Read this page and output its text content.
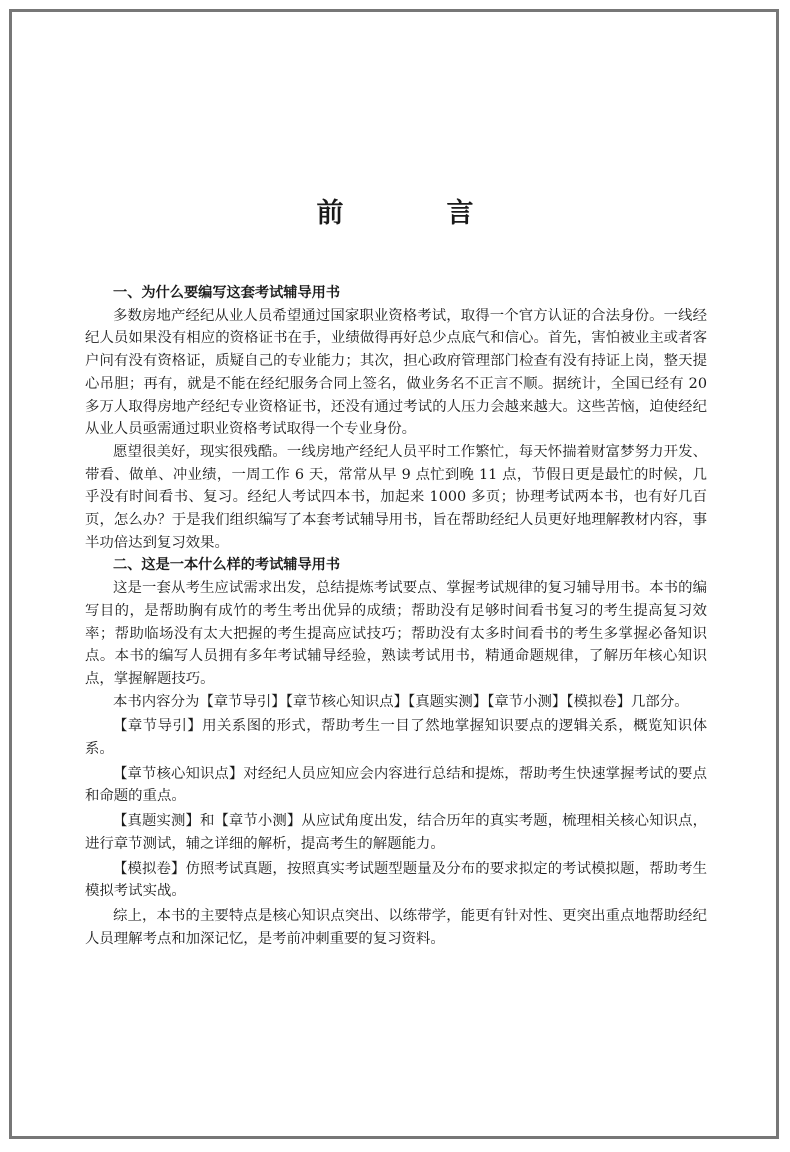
前　言

一、为什么要编写这套考试辅导用书

多数房地产经纪从业人员希望通过国家职业资格考试，取得一个官方认证的合法身份。一线经纪人员如果没有相应的资格证书在手，业绩做得再好总少点底气和信心。首先，害怕被业主或者客户问有没有资格证，质疑自己的专业能力；其次，担心政府管理部门检查有没有持证上岗，整天提心吊胆；再有，就是不能在经纪服务合同上签名，做业务名不正言不顺。据统计，全国已经有 20 多万人取得房地产经纪专业资格证书，还没有通过考试的人压力会越来越大。这些苦恼，迫使经纪从业人员亟需通过职业资格考试取得一个专业身份。

愿望很美好，现实很残酷。一线房地产经纪人员平时工作繁忙，每天怀揣着财富梦努力开发、带看、做单、冲业绩，一周工作 6 天，常常从早 9 点忙到晚 11 点，节假日更是最忙的时候，几乎没有时间看书、复习。经纪人考试四本书，加起来 1000 多页；协理考试两本书，也有好几百页，怎么办？于是我们组织编写了本套考试辅导用书，旨在帮助经纪人员更好地理解教材内容，事半功倍达到复习效果。

二、这是一本什么样的考试辅导用书

这是一套从考生应试需求出发，总结提炼考试要点、掌握考试规律的复习辅导用书。本书的编写目的，是帮助胸有成竹的考生考出优异的成绩；帮助没有足够时间看书复习的考生提高复习效率；帮助临场没有太大把握的考生提高应试技巧；帮助没有太多时间看书的考生多掌握必备知识点。本书的编写人员拥有多年考试辅导经验，熟读考试用书，精通命题规律，了解历年核心知识点，掌握解题技巧。

本书内容分为【章节导引】【章节核心知识点】【真题实测】【章节小测】【模拟卷】几部分。

【章节导引】用关系图的形式，帮助考生一目了然地掌握知识要点的逻辑关系，概览知识体系。

【章节核心知识点】对经纪人员应知应会内容进行总结和提炼，帮助考生快速掌握考试的要点和命题的重点。

【真题实测】和【章节小测】从应试角度出发，结合历年的真实考题，梳理相关核心知识点，进行章节测试，辅之详细的解析，提高考生的解题能力。

【模拟卷】仿照考试真题，按照真实考试题型题量及分布的要求拟定的考试模拟题，帮助考生模拟考试实战。

综上，本书的主要特点是核心知识点突出、以练带学，能更有针对性、更突出重点地帮助经纪人员理解考点和加深记忆，是考前冲刺重要的复习资料。
